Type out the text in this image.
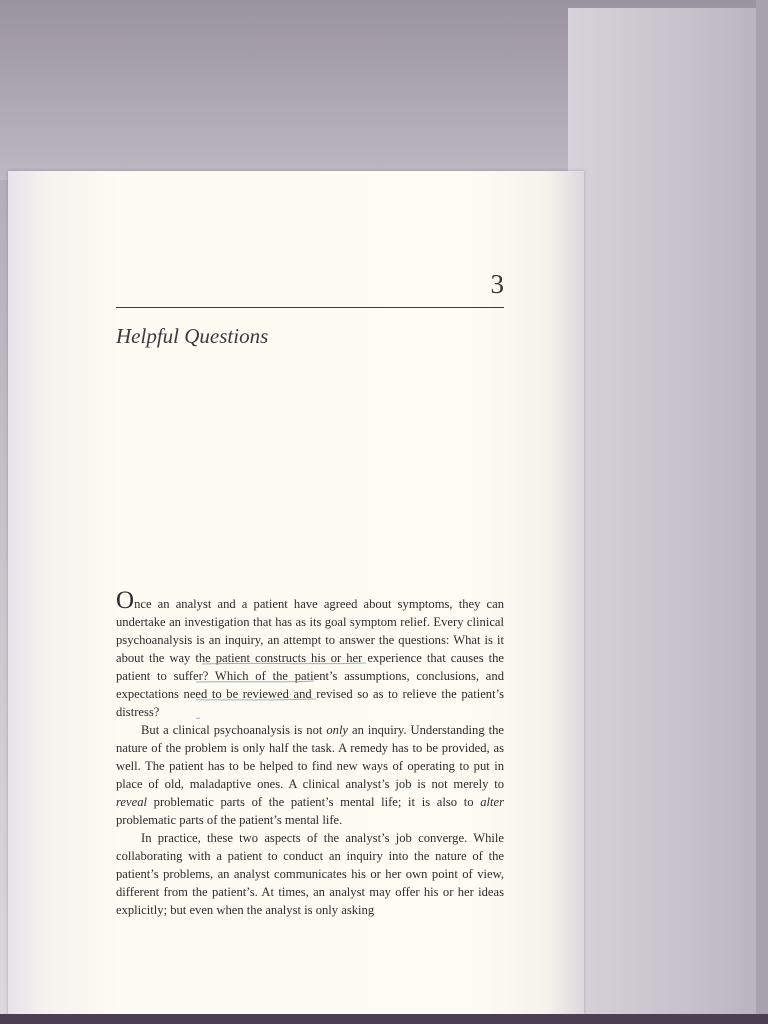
3
Helpful Questions

Once an analyst and a patient have agreed about symptoms, they can undertake an investigation that has as its goal symptom relief. Every clinical psychoanalysis is an inquiry, an attempt to answer the questions: What is it about the way the patient constructs his or her experience that causes the patient to suffer? Which of the patient’s assumptions, conclusions, and expectations need to be reviewed and revised so as to relieve the patient’s distress?

But a clinical psychoanalysis is not only an inquiry. Understanding the nature of the problem is only half the task. A remedy has to be provided, as well. The patient has to be helped to find new ways of operating to put in place of old, maladaptive ones. A clinical analyst’s job is not merely to reveal problematic parts of the patient’s mental life; it is also to alter problematic parts of the patient’s mental life.

In practice, these two aspects of the analyst’s job converge. While collaborating with a patient to conduct an inquiry into the nature of the patient’s problems, an analyst communicates his or her own point of view, different from the patient’s. At times, an analyst may offer his or her ideas explicitly; but even when the analyst is only asking
